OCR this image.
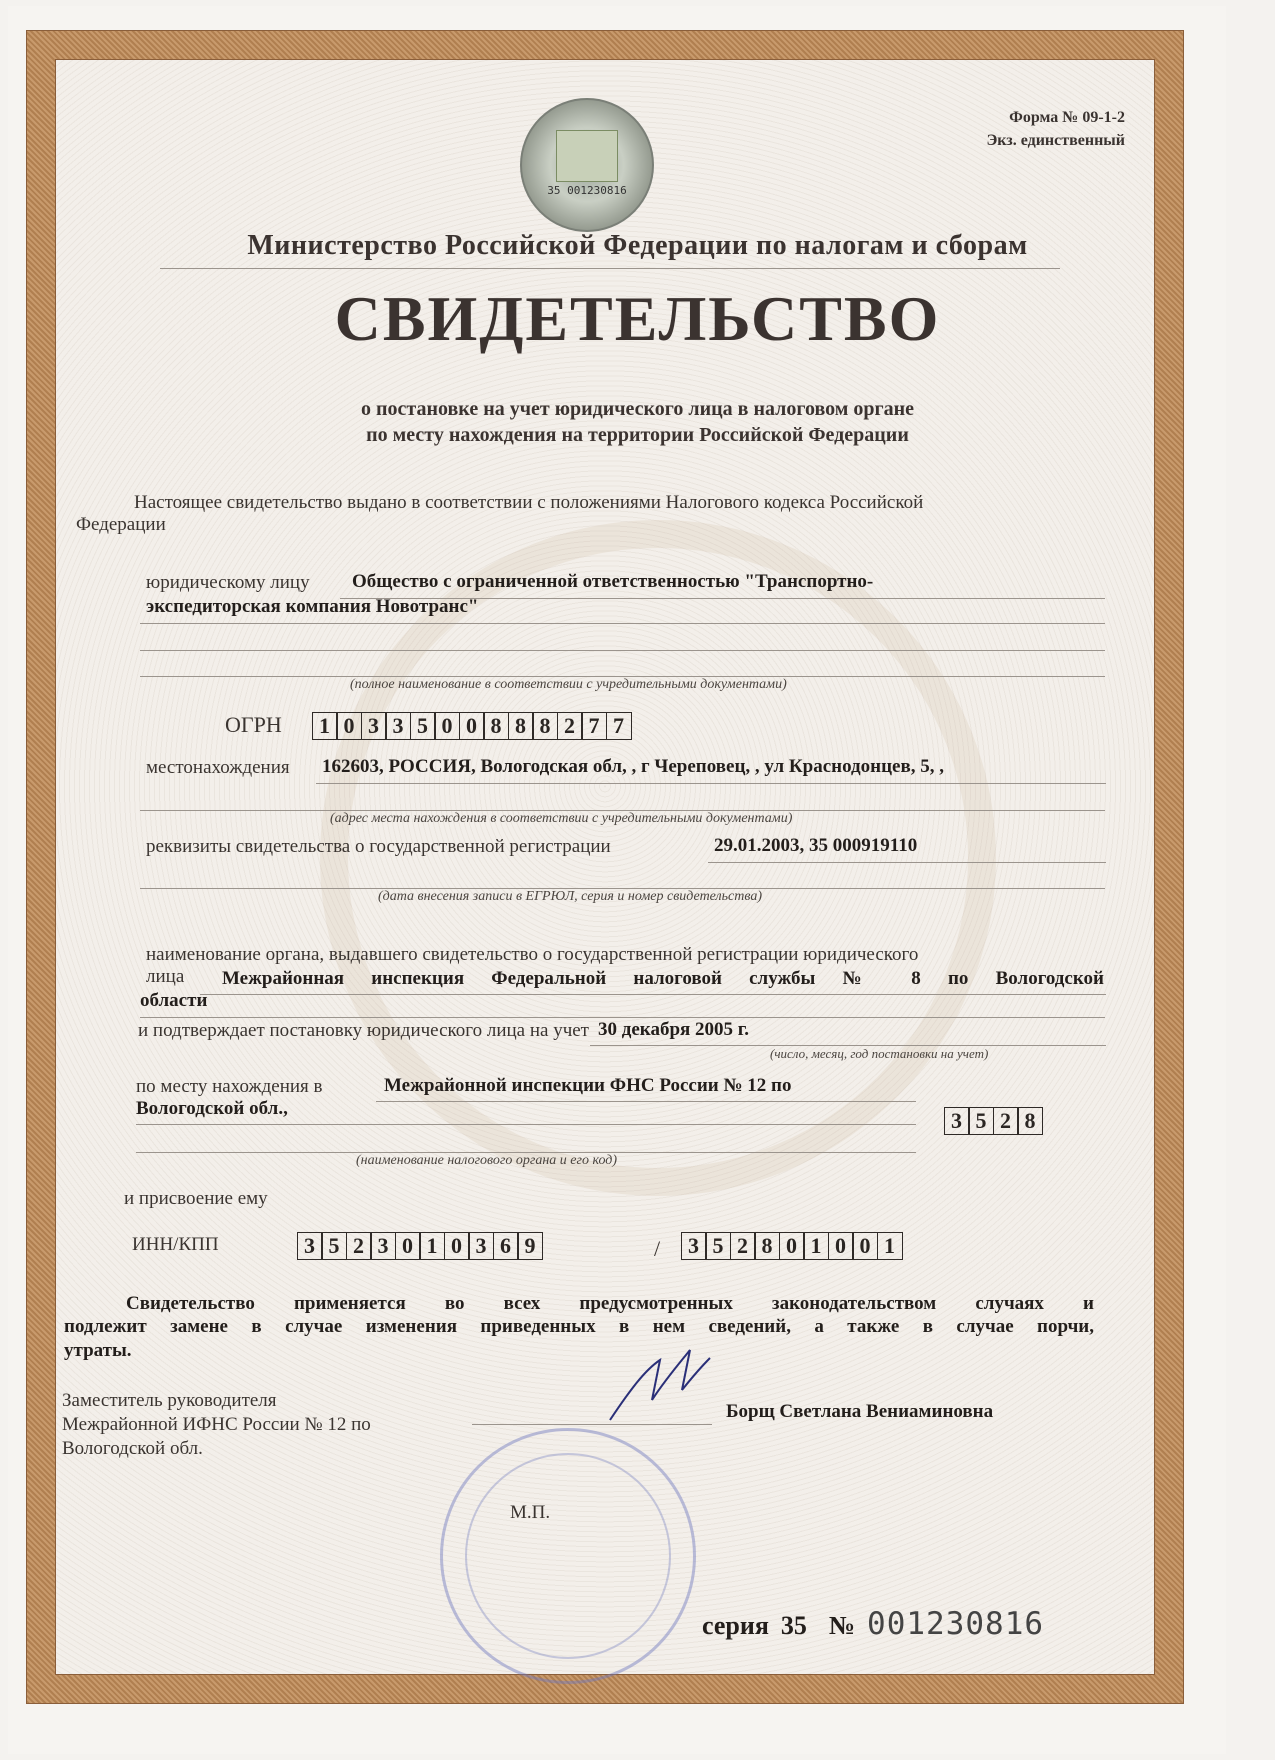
Форма № 09-1-2
Экз. единственный
35 001230816
Министерство Российской Федерации по налогам и сборам
СВИДЕТЕЛЬСТВО
о постановке на учет юридического лица в налоговом органе
по месту нахождения на территории Российской Федерации
Настоящее свидетельство выдано в соответствии с положениями Налогового кодекса Российской
Федерации
юридическому лицу Общество с ограниченной ответственностью "Транспортно-
экспедиторская компания Новотранс"
(полное наименование в соответствии с учредительными документами)
ОГРН	1 0 3 3 5 0 0 8 8 8 2 7 7
местонахождения 162603, РОССИЯ, Вологодская обл, , г Череповец, , ул Краснодонцев, 5, ,
(адрес места нахождения в соответствии с учредительными документами)
реквизиты свидетельства о государственной регистрации	29.01.2003, 35 000919110
(дата внесения записи в ЕГРЮЛ, серия и номер свидетельства)
наименование органа, выдавшего свидетельство о государственной регистрации юридического
лица Межрайонная инспекция Федеральной налоговой службы № 8 по Вологодской
области
и подтверждает постановку юридического лица на учет 30 декабря 2005 г.
(число, месяц, год постановки на учет)
по месту нахождения в	Межрайонной инспекции ФНС России № 12 по
Вологодской обл.,	3 5 2 8
(наименование налогового органа и его код)
и присвоение ему
ИНН/КПП	3 5 2 3 0 1 0 3 6 9	/	3 5 2 8 0 1 0 0 1
Свидетельство применяется во всех предусмотренных законодательством случаях и
подлежит замене в случае изменения приведенных в нем сведений, а также в случае порчи,
утраты.
Заместитель руководителя
Межрайонной ИФНС России № 12 по
Вологодской обл.
Борщ Светлана Вениаминовна
М.П.
серия 35 № 001230816
